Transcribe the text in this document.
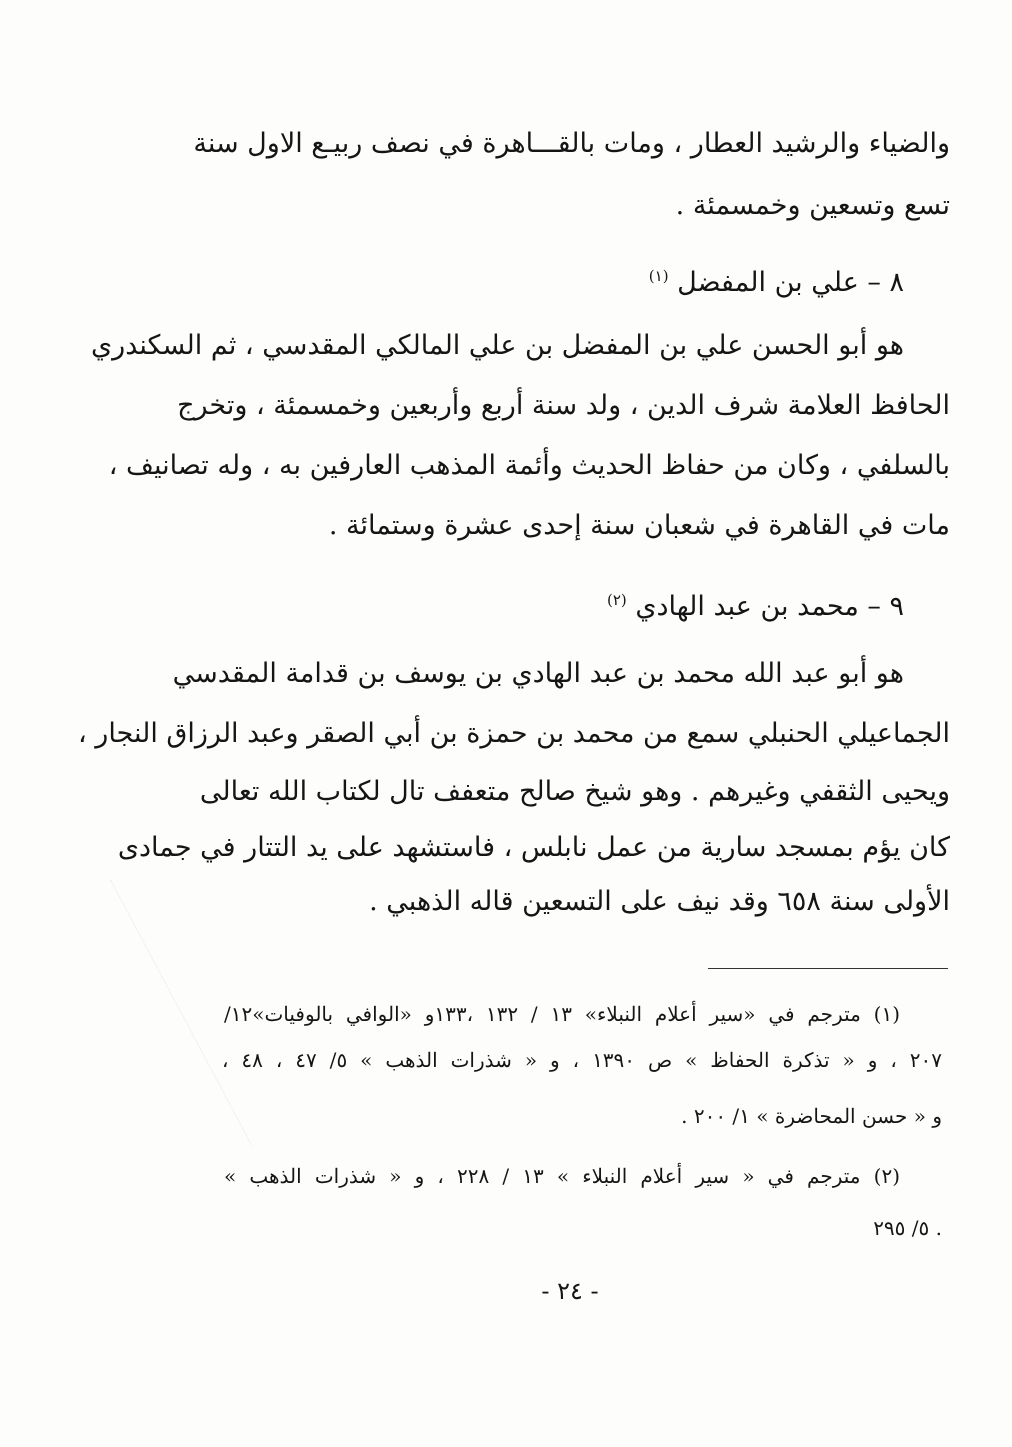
والضياء والرشيد العطار ، ومات بالقـــاهرة في نصف ربيـع الاول سنة
تسع وتسعين وخمسمئة .
٨ – علي بن المفضل $^{(١)}$
هو أبو الحسن علي بن المفضل بن علي المالكي المقدسي ، ثم السكندري
الحافظ العلامة شرف الدين ، ولد سنة أربع وأربعين وخمسمئة ، وتخرج
بالسلفي ، وكان من حفاظ الحديث وأئمة المذهب العارفين به ، وله تصانيف ،
مات في القاهرة في شعبان سنة إحدى عشرة وستمائة .
٩ – محمد بن عبد الهادي $^{(٢)}$
هو أبو عبد الله محمد بن عبد الهادي بن يوسف بن قدامة المقدسي
الجماعيلي الحنبلي سمع من محمد بن حمزة بن أبي الصقر وعبد الرزاق النجار ،
ويحيى الثقفي وغيرهم . وهو شيخ صالح متعفف تال لكتاب الله تعالى
كان يؤم بمسجد سارية من عمل نابلس ، فاستشهد على يد التتار في جمادى
الأولى سنة ٦٥٨ وقد نيف على التسعين قاله الذهبي .
(١) مترجم في «سير أعلام النبلاء» ١٣ / ١٣٢ ،١٣٣و «الوافي بالوفيات»١٢/
٢٠٧ ، و « تذكرة الحفاظ » ص ١٣٩٠ ، و « شذرات الذهب » ٥/ ٤٧ ، ٤٨ ،
و « حسن المحاضرة » ١/ ٢٠٠ .
(٢) مترجم في « سير أعلام النبلاء » ١٣ / ٢٢٨ ، و « شذرات الذهب »
. ٥/ ٢٩٥
- ٢٤ -
